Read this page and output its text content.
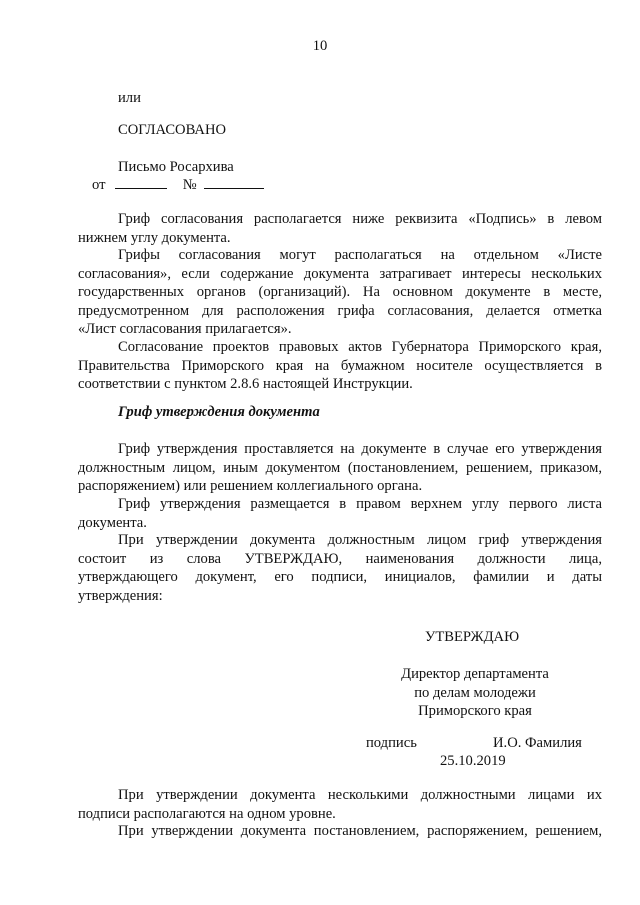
10
или
СОГЛАСОВАНО
Письмо Росархива
от	№
Гриф согласования располагается ниже реквизита «Подпись» в левом
нижнем углу документа.
Грифы согласования могут располагаться на отдельном «Листе
согласования», если содержание документа затрагивает интересы нескольких
государственных органов (организаций). На основном документе в месте,
предусмотренном для расположения грифа согласования, делается отметка
«Лист согласования прилагается».
Согласование проектов правовых актов Губернатора Приморского края,
Правительства Приморского края на бумажном носителе осуществляется в
соответствии с пунктом 2.8.6 настоящей Инструкции.
Гриф утверждения документа
Гриф утверждения проставляется на документе в случае его утверждения
должностным лицом, иным документом (постановлением, решением, приказом,
распоряжением) или решением коллегиального органа.
Гриф утверждения размещается в правом верхнем углу первого листа
документа.
При утверждении документа должностным лицом гриф утверждения
состоит из слова УТВЕРЖДАЮ, наименования должности лица,
утверждающего документ, его подписи, инициалов, фамилии и даты
утверждения:
УТВЕРЖДАЮ
Директор департамента
по делам молодежи
Приморского края
подпись	И.О. Фамилия
25.10.2019
При утверждении документа несколькими должностными лицами их
подписи располагаются на одном уровне.
При утверждении документа постановлением, распоряжением, решением,
